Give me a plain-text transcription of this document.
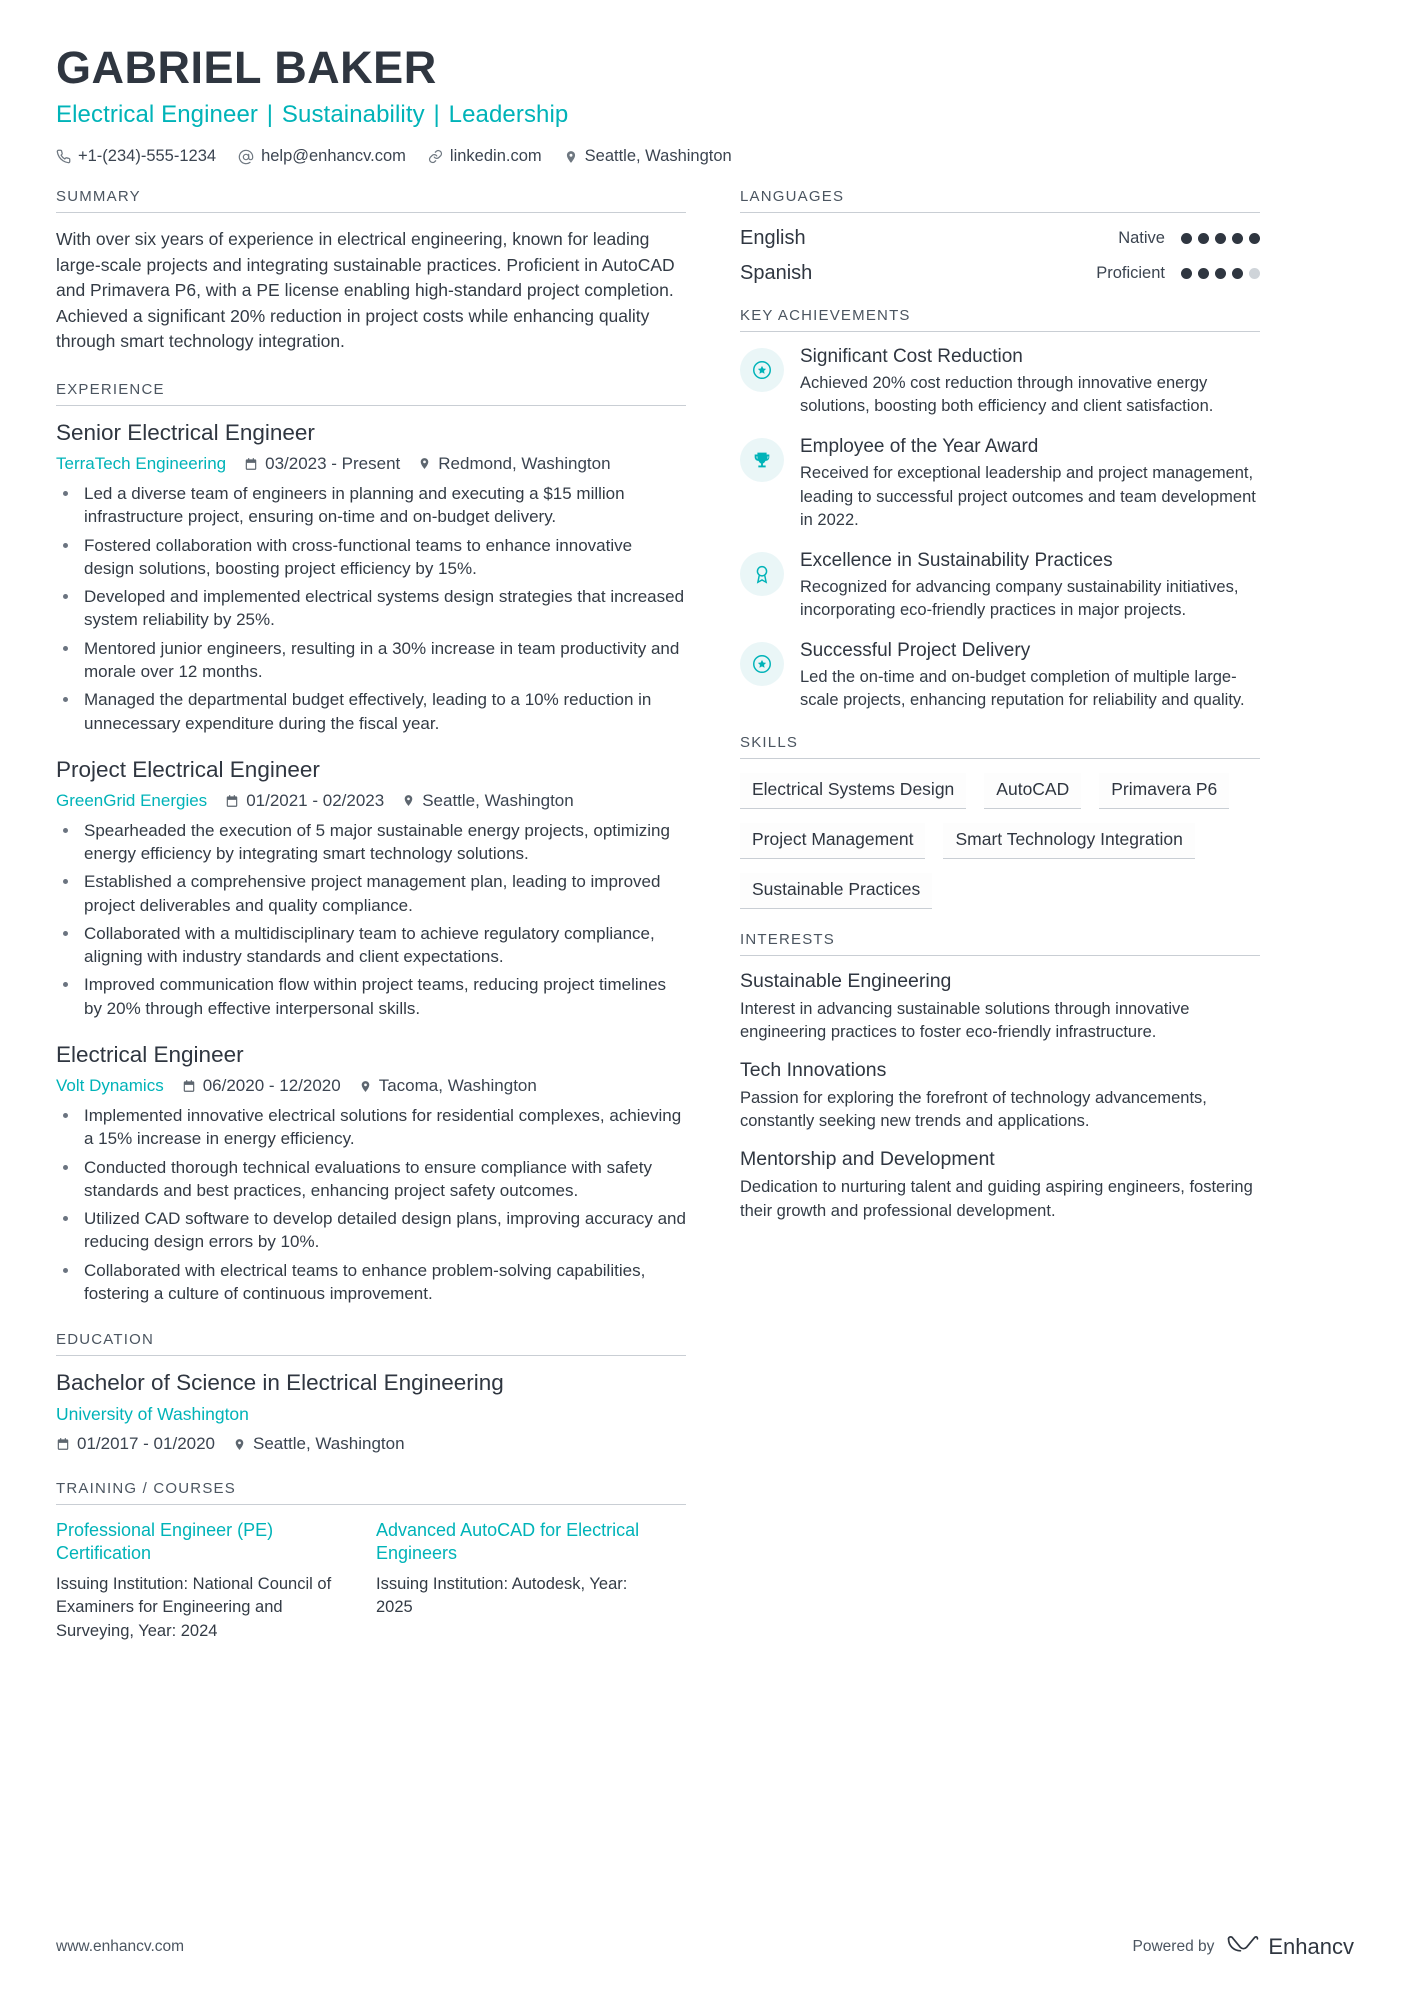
GABRIEL BAKER
Electrical Engineer | Sustainability | Leadership
+1-(234)-555-1234	help@enhancv.com	linkedin.com	Seattle, Washington
SUMMARY
With over six years of experience in electrical engineering, known for leading large-scale projects and integrating sustainable practices. Proficient in AutoCAD and Primavera P6, with a PE license enabling high-standard project completion. Achieved a significant 20% reduction in project costs while enhancing quality through smart technology integration.
EXPERIENCE
Senior Electrical Engineer
TerraTech Engineering 03/2023 - Present Redmond, Washington
• Led a diverse team of engineers in planning and executing a $15 million infrastructure project, ensuring on-time and on-budget delivery.
• Fostered collaboration with cross-functional teams to enhance innovative design solutions, boosting project efficiency by 15%.
• Developed and implemented electrical systems design strategies that increased system reliability by 25%.
• Mentored junior engineers, resulting in a 30% increase in team productivity and morale over 12 months.
• Managed the departmental budget effectively, leading to a 10% reduction in unnecessary expenditure during the fiscal year.
Project Electrical Engineer
GreenGrid Energies 01/2021 - 02/2023 Seattle, Washington
• Spearheaded the execution of 5 major sustainable energy projects, optimizing energy efficiency by integrating smart technology solutions.
• Established a comprehensive project management plan, leading to improved project deliverables and quality compliance.
• Collaborated with a multidisciplinary team to achieve regulatory compliance, aligning with industry standards and client expectations.
• Improved communication flow within project teams, reducing project timelines by 20% through effective interpersonal skills.
Electrical Engineer
Volt Dynamics 06/2020 - 12/2020 Tacoma, Washington
• Implemented innovative electrical solutions for residential complexes, achieving a 15% increase in energy efficiency.
• Conducted thorough technical evaluations to ensure compliance with safety standards and best practices, enhancing project safety outcomes.
• Utilized CAD software to develop detailed design plans, improving accuracy and reducing design errors by 10%.
• Collaborated with electrical teams to enhance problem-solving capabilities, fostering a culture of continuous improvement.
EDUCATION
Bachelor of Science in Electrical Engineering
University of Washington
01/2017 - 01/2020 Seattle, Washington
TRAINING / COURSES
Professional Engineer (PE) Certification
Issuing Institution: National Council of Examiners for Engineering and Surveying, Year: 2024
Advanced AutoCAD for Electrical Engineers
Issuing Institution: Autodesk, Year: 2025
LANGUAGES
English	Native
Spanish	Proficient
KEY ACHIEVEMENTS
Significant Cost Reduction
Achieved 20% cost reduction through innovative energy solutions, boosting both efficiency and client satisfaction.
Employee of the Year Award
Received for exceptional leadership and project management, leading to successful project outcomes and team development in 2022.
Excellence in Sustainability Practices
Recognized for advancing company sustainability initiatives, incorporating eco-friendly practices in major projects.
Successful Project Delivery
Led the on-time and on-budget completion of multiple large-scale projects, enhancing reputation for reliability and quality.
SKILLS
Electrical Systems Design	AutoCAD	Primavera P6
Project Management	Smart Technology Integration
Sustainable Practices
INTERESTS
Sustainable Engineering
Interest in advancing sustainable solutions through innovative engineering practices to foster eco-friendly infrastructure.
Tech Innovations
Passion for exploring the forefront of technology advancements, constantly seeking new trends and applications.
Mentorship and Development
Dedication to nurturing talent and guiding aspiring engineers, fostering their growth and professional development.
www.enhancv.com	Powered by Enhancv
